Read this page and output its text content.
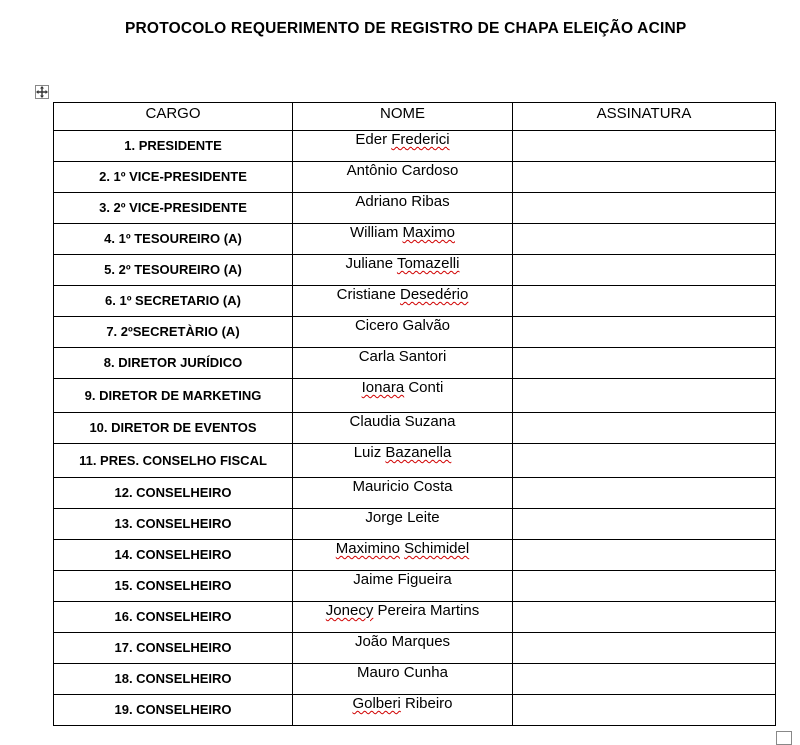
PROTOCOLO REQUERIMENTO DE REGISTRO DE CHAPA ELEIÇÃO ACINP
CARGO	NOME	ASSINATURA
1. PRESIDENTE	Eder Frederici	
2. 1º VICE-PRESIDENTE	Antônio Cardoso	
3. 2º VICE-PRESIDENTE	Adriano Ribas	
4. 1º TESOUREIRO (A)	William Maximo	
5. 2º TESOUREIRO (A)	Juliane Tomazelli	
6. 1º SECRETARIO (A)	Cristiane Desedério	
7. 2ºSECRETÀRIO (A)	Cicero Galvão	
8. DIRETOR JURÍDICO	Carla Santori	
9. DIRETOR DE MARKETING	Ionara Conti	
10. DIRETOR DE EVENTOS	Claudia Suzana	
11. PRES. CONSELHO FISCAL	Luiz Bazanella	
12. CONSELHEIRO	Mauricio Costa	
13. CONSELHEIRO	Jorge Leite	
14. CONSELHEIRO	Maximino Schimidel	
15. CONSELHEIRO	Jaime Figueira	
16. CONSELHEIRO	Jonecy Pereira Martins	
17. CONSELHEIRO	João Marques	
18. CONSELHEIRO	Mauro Cunha	
19. CONSELHEIRO	Golberi Ribeiro	
